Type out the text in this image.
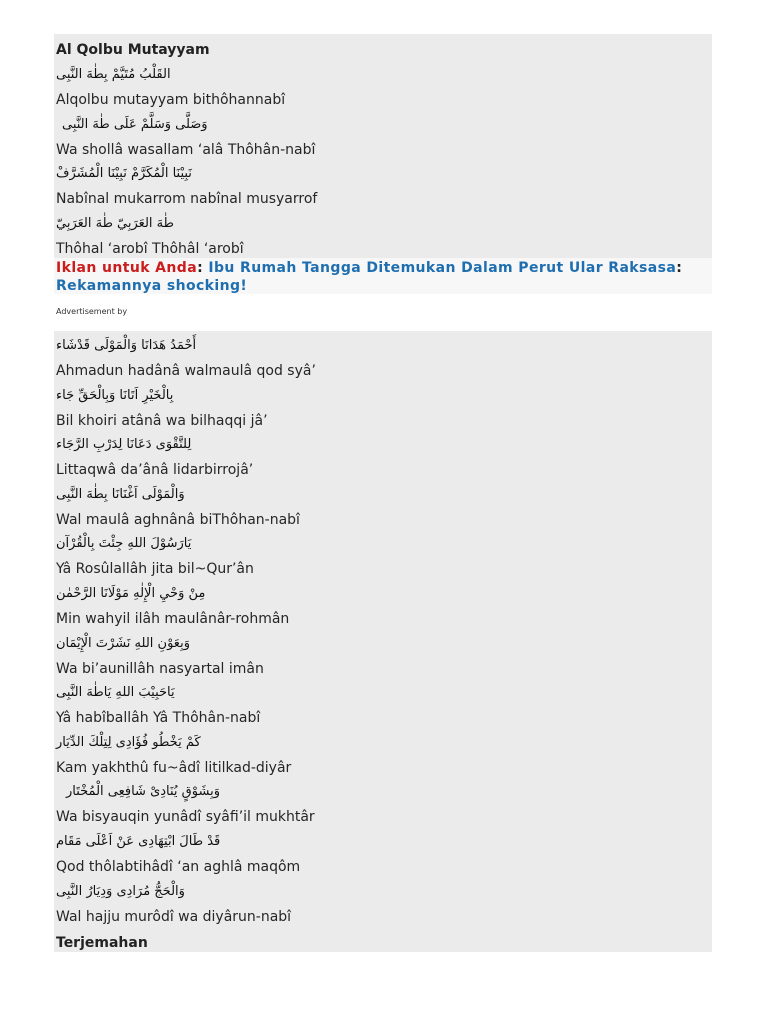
Al Qolbu Mutayyam
القَلْبُ مُتَيَّمْ بِطٰهَ النَّبِى
Alqolbu mutayyam bithôhannabî
وَصَلَّى وَسَلَّمْ عَلَى طٰهَ النَّبِى
Wa shollâ wasallam ‘alâ Thôhân-nabî
نَبِيْنَا الْمُكَرَّمْ نَبِيْنَا الْمُشَرَّفْ
Nabînal mukarrom nabînal musyarrof
طٰهَ العَرَبِيّ طٰهَ العَرَبِيّ
Thôhal ‘arobî Thôhâl ‘arobî
Iklan untuk Anda: Ibu Rumah Tangga Ditemukan Dalam Perut Ular Raksasa:
Rekamannya shocking!
Advertisement by
أَحْمَدُ هَدَانَا وَالْمَوْلَى قَدْشَاء
Ahmadun hadânâ walmaulâ qod syâ’
بِالْخَيْرِ اَتَانَا وَبِالْحَقِّ جَاء
Bil khoiri atânâ wa bilhaqqi jâ’
لِلتَّقْوَى دَعَانَا لِدَرْبِ الرَّجَاء
Littaqwâ da’ânâ lidarbirrojâ’
وَالْمَوْلَى اَغْنَانَا بِطٰهَ النَّبِى
Wal maulâ aghnânâ biThôhan-nabî
يَارَسُوْلَ اللهِ جِئْتَ بِالْقُرْآن
Yâ Rosûlallâh jita bil~Qur’ân
مِنْ وَحْيِ الْإِلٰهِ مَوْلَانَا الرَّحْمٰن
Min wahyil ilâh maulânâr-rohmân
وَبِعَوْنِ اللهِ نَشَرْتَ الْإِيْمَان
Wa bi’aunillâh nasyartal imân
يَاحَبِيْبَ اللهِ يَاطٰهَ النَّبِى
Yâ habîballâh Yâ Thôhân-nabî
كَمْ يَخْطُو فُؤَادِى لِتِلْكَ الدِّيَار
Kam yakhthû fu~âdî litilkad-diyâr
وَبِشَوْقٍ يُنَادِىْ شَافِعِى الْمُخْتَار
Wa bisyauqin yunâdî syâfi’il mukhtâr
قَدْ طَالَ ابْتِهَادِى عَنْ اَعْلَى مَقَام
Qod thôlabtihâdî ‘an aghlâ maqôm
وَالْحَجُّ مُرَادِى وَدِيَارُ النَّبِى
Wal hajju murôdî wa diyârun-nabî
Terjemahan
